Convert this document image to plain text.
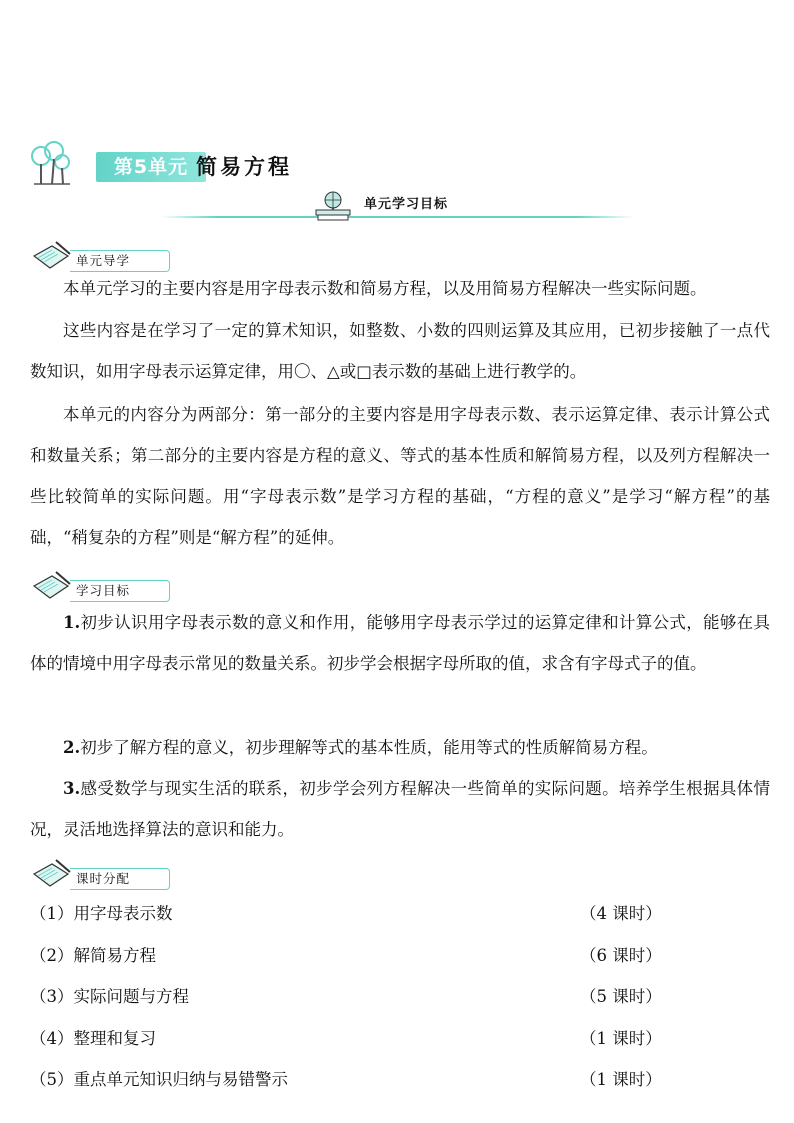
第5单元 简易方程
单元学习目标
单元导学
本单元学习的主要内容是用字母表示数和简易方程，以及用简易方程解决一些实际问题。
这些内容是在学习了一定的算术知识，如整数、小数的四则运算及其应用，已初步接触了一点代数知识，如用字母表示运算定律，用〇、△或□表示数的基础上进行教学的。
本单元的内容分为两部分：第一部分的主要内容是用字母表示数、表示运算定律、表示计算公式和数量关系；第二部分的主要内容是方程的意义、等式的基本性质和解简易方程，以及列方程解决一些比较简单的实际问题。用“字母表示数”是学习方程的基础，“方程的意义”是学习“解方程”的基础，“稍复杂的方程”则是“解方程”的延伸。
学习目标
1.初步认识用字母表示数的意义和作用，能够用字母表示学过的运算定律和计算公式，能够在具体的情境中用字母表示常见的数量关系。初步学会根据字母所取的值，求含有字母式子的值。
2.初步了解方程的意义，初步理解等式的基本性质，能用等式的性质解简易方程。
3.感受数学与现实生活的联系，初步学会列方程解决一些简单的实际问题。培养学生根据具体情况，灵活地选择算法的意识和能力。
课时分配
（1）用字母表示数	（4 课时）
（2）解简易方程	（6 课时）
（3）实际问题与方程	（5 课时）
（4）整理和复习	（1 课时）
（5）重点单元知识归纳与易错警示	（1 课时）
